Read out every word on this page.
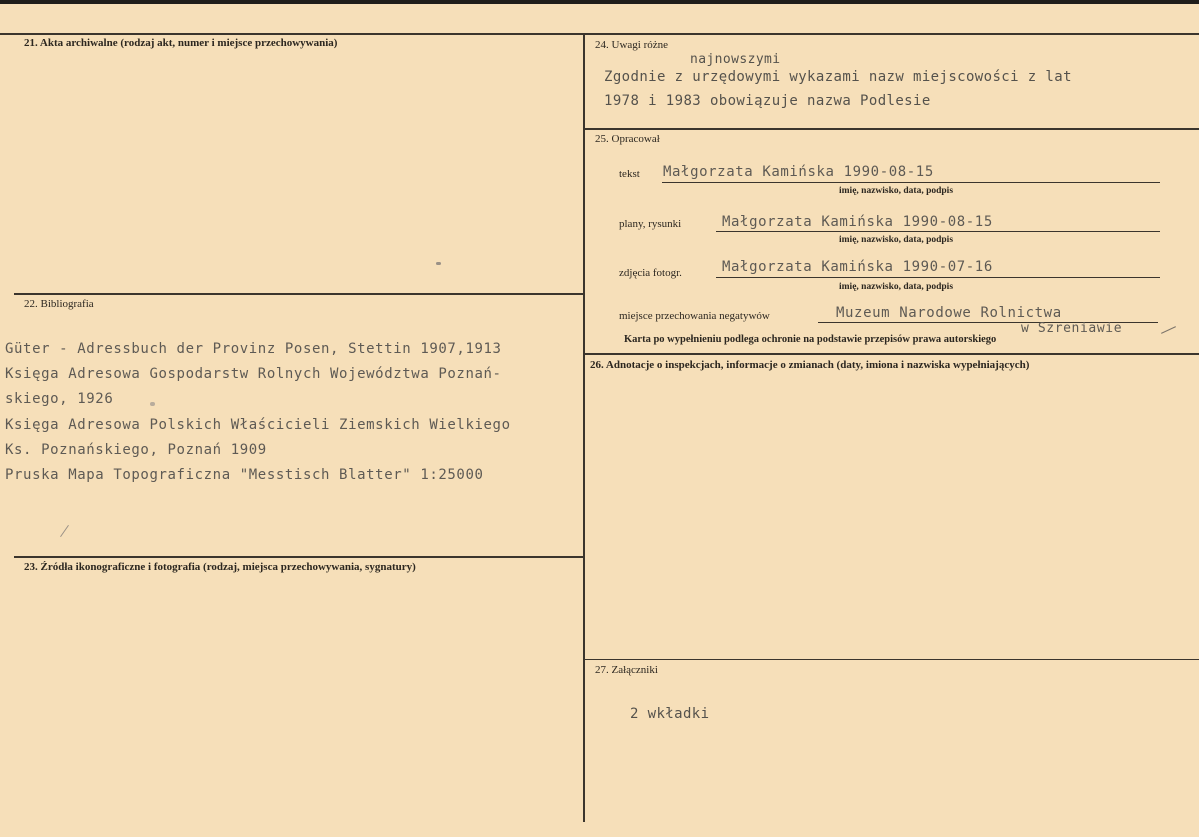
21. Akta archiwalne (rodzaj akt, numer i miejsce przechowywania)
22. Bibliografia
Güter - Adressbuch der Provinz Posen, Stettin 1907,1913
Księga Adresowa Gospodarstw Rolnych Województwa Poznań-
skiego, 1926
Księga Adresowa Polskich Właścicieli Ziemskich Wielkiego
Ks. Poznańskiego, Poznań 1909
Pruska Mapa Topograficzna "Messtisch Blatter" 1:25000
23. Źródła ikonograficzne i fotografia (rodzaj, miejsca przechowywania, sygnatury)
24. Uwagi różne
najnowszymi
Zgodnie z urzędowymi wykazami nazw miejscowości z lat
1978 i 1983 obowiązuje nazwa Podlesie
25. Opracował
tekst Małgorzata Kamińska 1990-08-15
imię, nazwisko, data, podpis
plany, rysunki	Małgorzata Kamińska 1990-08-15
imię, nazwisko, data, podpis
zdjęcia fotogr.	Małgorzata Kamińska 1990-07-16
imię, nazwisko, data, podpis
miejsce przechowania negatywów	Muzeum Narodowe Rolnictwa
w Szreniawie
Karta po wypełnieniu podlega ochronie na podstawie przepisów prawa autorskiego
26. Adnotacje o inspekcjach, informacje o zmianach (daty, imiona i nazwiska wypełniających)
27. Załączniki
2 wkładki
